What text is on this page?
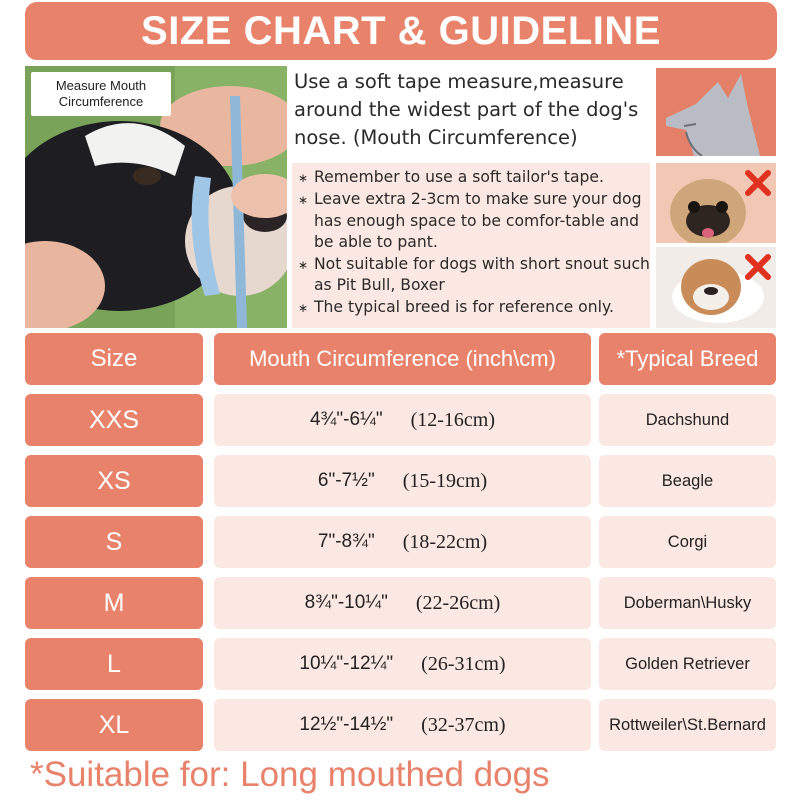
SIZE CHART & GUIDELINE
Measure Mouth
Circumference
Use a soft tape measure,measure around the widest part of the dog's nose. (Mouth Circumference)
∗ Remember to use a soft tailor's tape.
∗ Leave extra 2-3cm to make sure your dog has enough space to be comfor-table and be able to pant.
∗ Not suitable for dogs with short snout such as Pit Bull, Boxer
∗ The typical breed is for reference only.
Size	Mouth Circumference (inch\cm)	*Typical Breed
XXS	4¾"-6¼" (12-16cm)	Dachshund
XS	6"-7½" (15-19cm)	Beagle
S	7"-8¾" (18-22cm)	Corgi
M	8¾"-10¼" (22-26cm)	Doberman\Husky
L	10¼"-12¼" (26-31cm)	Golden Retriever
XL	12½"-14½" (32-37cm)	Rottweiler\St.Bernard
*Suitable for: Long mouthed dogs
